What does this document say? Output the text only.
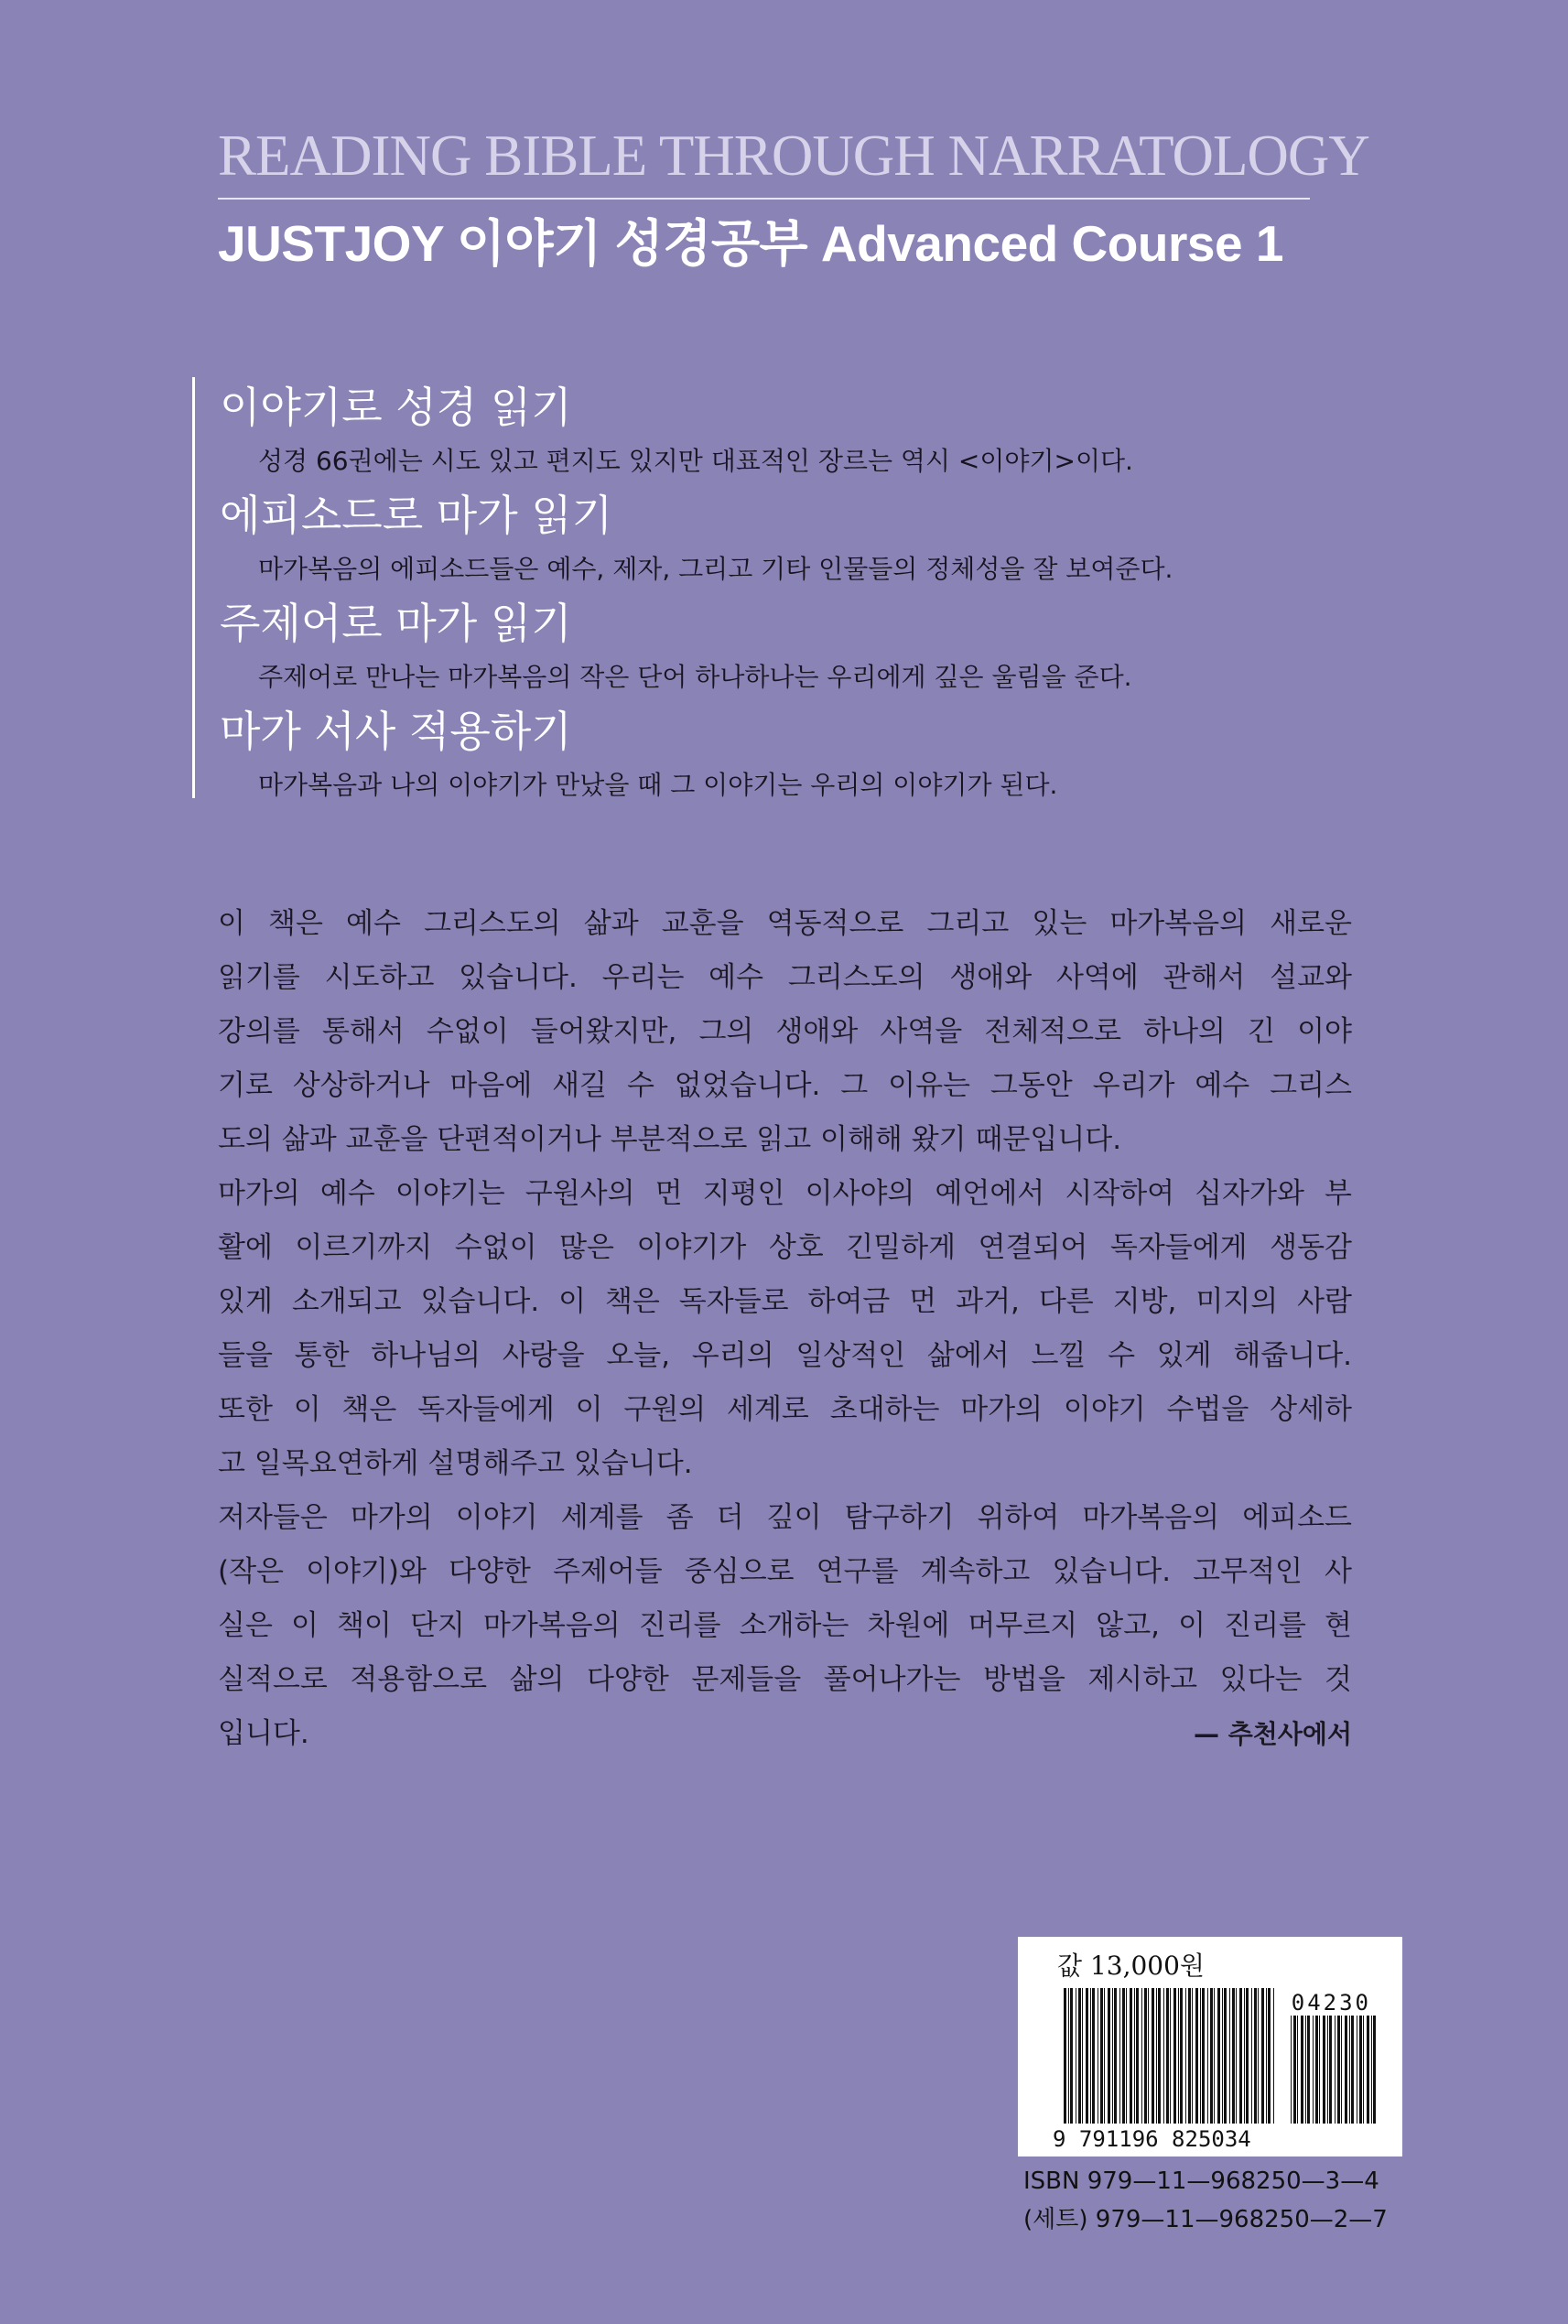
READING BIBLE THROUGH NARRATOLOGY
JUSTJOY 이야기 성경공부 Advanced Course 1
이야기로 성경 읽기
성경 66권에는 시도 있고 편지도 있지만 대표적인 장르는 역시 <이야기>이다.
에피소드로 마가 읽기
마가복음의 에피소드들은 예수, 제자, 그리고 기타 인물들의 정체성을 잘 보여준다.
주제어로 마가 읽기
주제어로 만나는 마가복음의 작은 단어 하나하나는 우리에게 깊은 울림을 준다.
마가 서사 적용하기
마가복음과 나의 이야기가 만났을 때 그 이야기는 우리의 이야기가 된다.
이 책은 예수 그리스도의 삶과 교훈을 역동적으로 그리고 있는 마가복음의 새로운
읽기를 시도하고 있습니다. 우리는 예수 그리스도의 생애와 사역에 관해서 설교와
강의를 통해서 수없이 들어왔지만, 그의 생애와 사역을 전체적으로 하나의 긴 이야
기로 상상하거나 마음에 새길 수 없었습니다. 그 이유는 그동안 우리가 예수 그리스
도의 삶과 교훈을 단편적이거나 부분적으로 읽고 이해해 왔기 때문입니다.
마가의 예수 이야기는 구원사의 먼 지평인 이사야의 예언에서 시작하여 십자가와 부
활에 이르기까지 수없이 많은 이야기가 상호 긴밀하게 연결되어 독자들에게 생동감
있게 소개되고 있습니다. 이 책은 독자들로 하여금 먼 과거, 다른 지방, 미지의 사람
들을 통한 하나님의 사랑을 오늘, 우리의 일상적인 삶에서 느낄 수 있게 해줍니다.
또한 이 책은 독자들에게 이 구원의 세계로 초대하는 마가의 이야기 수법을 상세하
고 일목요연하게 설명해주고 있습니다.
저자들은 마가의 이야기 세계를 좀 더 깊이 탐구하기 위하여 마가복음의 에피소드
(작은 이야기)와 다양한 주제어들 중심으로 연구를 계속하고 있습니다. 고무적인 사
실은 이 책이 단지 마가복음의 진리를 소개하는 차원에 머무르지 않고, 이 진리를 현
실적으로 적용함으로 삶의 다양한 문제들을 풀어나가는 방법을 제시하고 있다는 것
입니다.	— 추천사에서
값 13,000원
04230
9 791196 825034
ISBN 979—11—968250—3—4
(세트) 979—11—968250—2—7
